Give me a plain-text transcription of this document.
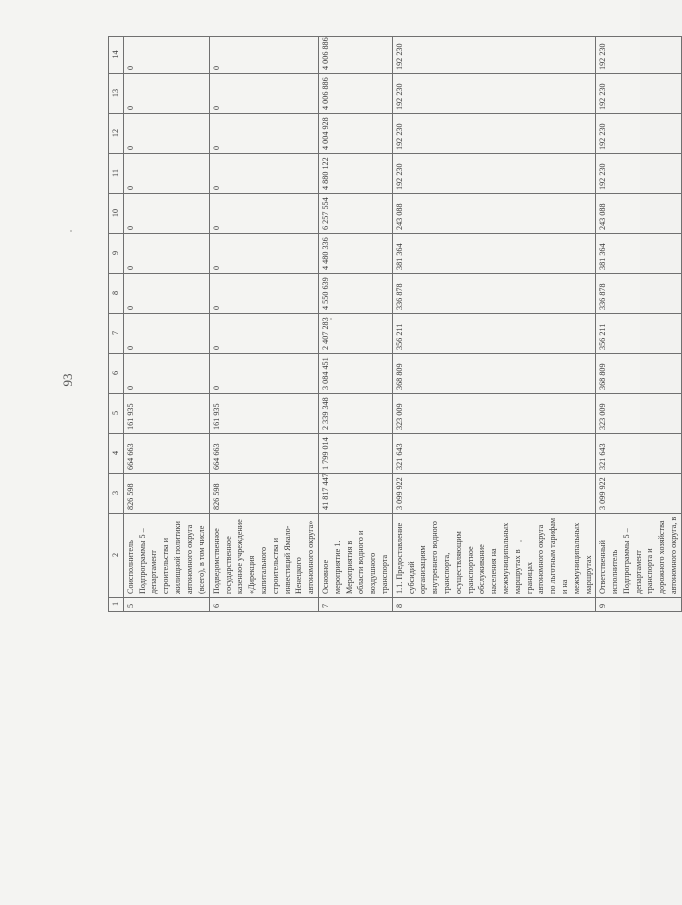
93
1	2	3	4	5	6	7	8	9	10	11	12	13	14
5	Соисполнитель Подпрограммы 5 – департамент строительства и жилищной политики автономного округа (всего), в том числе	826 598	664 663	161 935	0	0	0	0	0	0	0	0	0
6	Подведомственное государственное казенное учреждение «Дирекция капитального строительства и инвестиций Ямало-Ненецкого автономного округа»	826 598	664 663	161 935	0	0	0	0	0	0	0	0	0
7	Основное мероприятие 1. Мероприятия в области водного и воздушного транспорта	41 817 447	1 799 014	2 339 348	3 084 451	2 407 283	4 550 639	4 480 336	6 257 554	4 880 122	4 004 928	4 006 886	4 006 886
8	1.1. Предоставление субсидий организациям внутреннего водного транспорта, осуществляющим транспортное обслуживание населения на межмуниципальных маршрутах в границах автономного округа по льготным тарифам и на межмуниципальных маршрутах	3 099 922	321 643	323 009	368 809	356 211	336 878	381 364	243 088	192 230	192 230	192 230	192 230
9	Ответственный исполнитель Подпрограммы 5 – департамент транспорта и дорожного хозяйства автономного округа, в	3 099 922	321 643	323 009	368 809	356 211	336 878	381 364	243 088	192 230	192 230	192 230	192 230
